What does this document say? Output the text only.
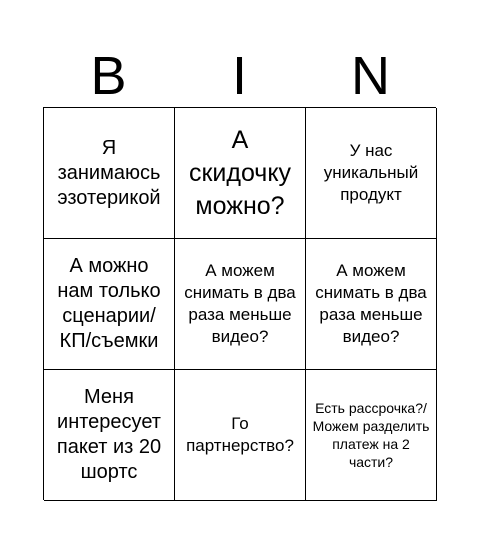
B	I	N
Я занимаюсь эзотерикой
А скидочку можно?
У нас уникальный продукт
А можно нам только сценарии/КП/съемки
А можем снимать в два раза меньше видео?
А можем снимать в два раза меньше видео?
Меня интересует пакет из 20 шортс
Го партнерство?
Есть рассрочка?/Можем разделить платеж на 2 части?
